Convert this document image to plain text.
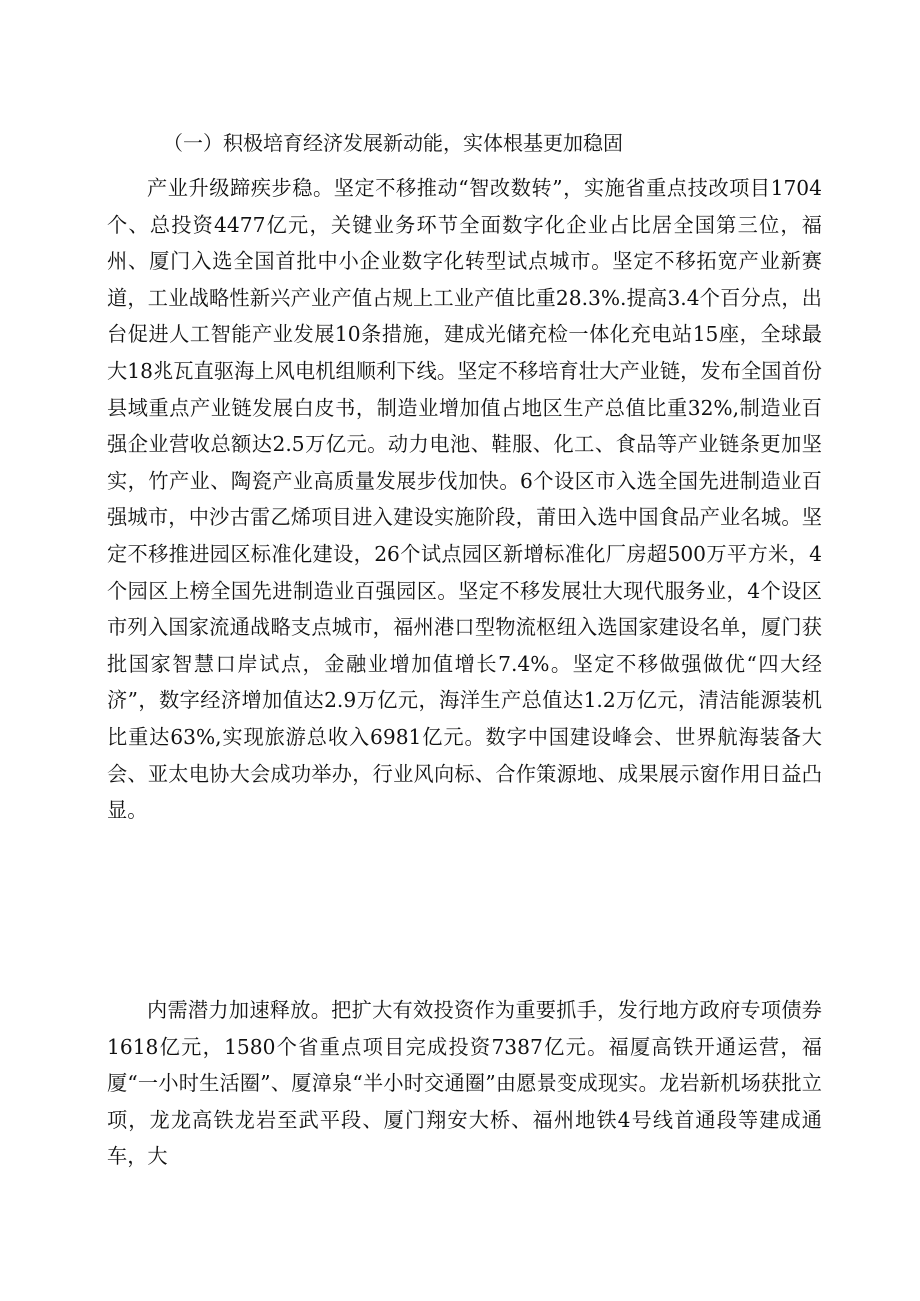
（一）积极培育经济发展新动能，实体根基更加稳固

产业升级蹄疾步稳。坚定不移推动“智改数转”，实施省重点技改项目1704个、总投资4477亿元，关键业务环节全面数字化企业占比居全国第三位，福州、厦门入选全国首批中小企业数字化转型试点城市。坚定不移拓宽产业新赛道，工业战略性新兴产业产值占规上工业产值比重28.3%.提高3.4个百分点，出台促进人工智能产业发展10条措施，建成光储充检一体化充电站15座，全球最大18兆瓦直驱海上风电机组顺利下线。坚定不移培育壮大产业链，发布全国首份县域重点产业链发展白皮书，制造业增加值占地区生产总值比重32%,制造业百强企业营收总额达2.5万亿元。动力电池、鞋服、化工、食品等产业链条更加坚实，竹产业、陶瓷产业高质量发展步伐加快。6个设区市入选全国先进制造业百强城市，中沙古雷乙烯项目进入建设实施阶段，莆田入选中国食品产业名城。坚定不移推进园区标准化建设，26个试点园区新增标准化厂房超500万平方米，4个园区上榜全国先进制造业百强园区。坚定不移发展壮大现代服务业，4个设区市列入国家流通战略支点城市，福州港口型物流枢纽入选国家建设名单，厦门获批国家智慧口岸试点，金融业增加值增长7.4%。坚定不移做强做优“四大经济”，数字经济增加值达2.9万亿元，海洋生产总值达1.2万亿元，清洁能源装机比重达63%,实现旅游总收入6981亿元。数字中国建设峰会、世界航海装备大会、亚太电协大会成功举办，行业风向标、合作策源地、成果展示窗作用日益凸显。

内需潜力加速释放。把扩大有效投资作为重要抓手，发行地方政府专项债券1618亿元，1580个省重点项目完成投资7387亿元。福厦高铁开通运营，福厦“一小时生活圈”、厦漳泉“半小时交通圈”由愿景变成现实。龙岩新机场获批立项，龙龙高铁龙岩至武平段、厦门翔安大桥、福州地铁4号线首通段等建成通车，大
